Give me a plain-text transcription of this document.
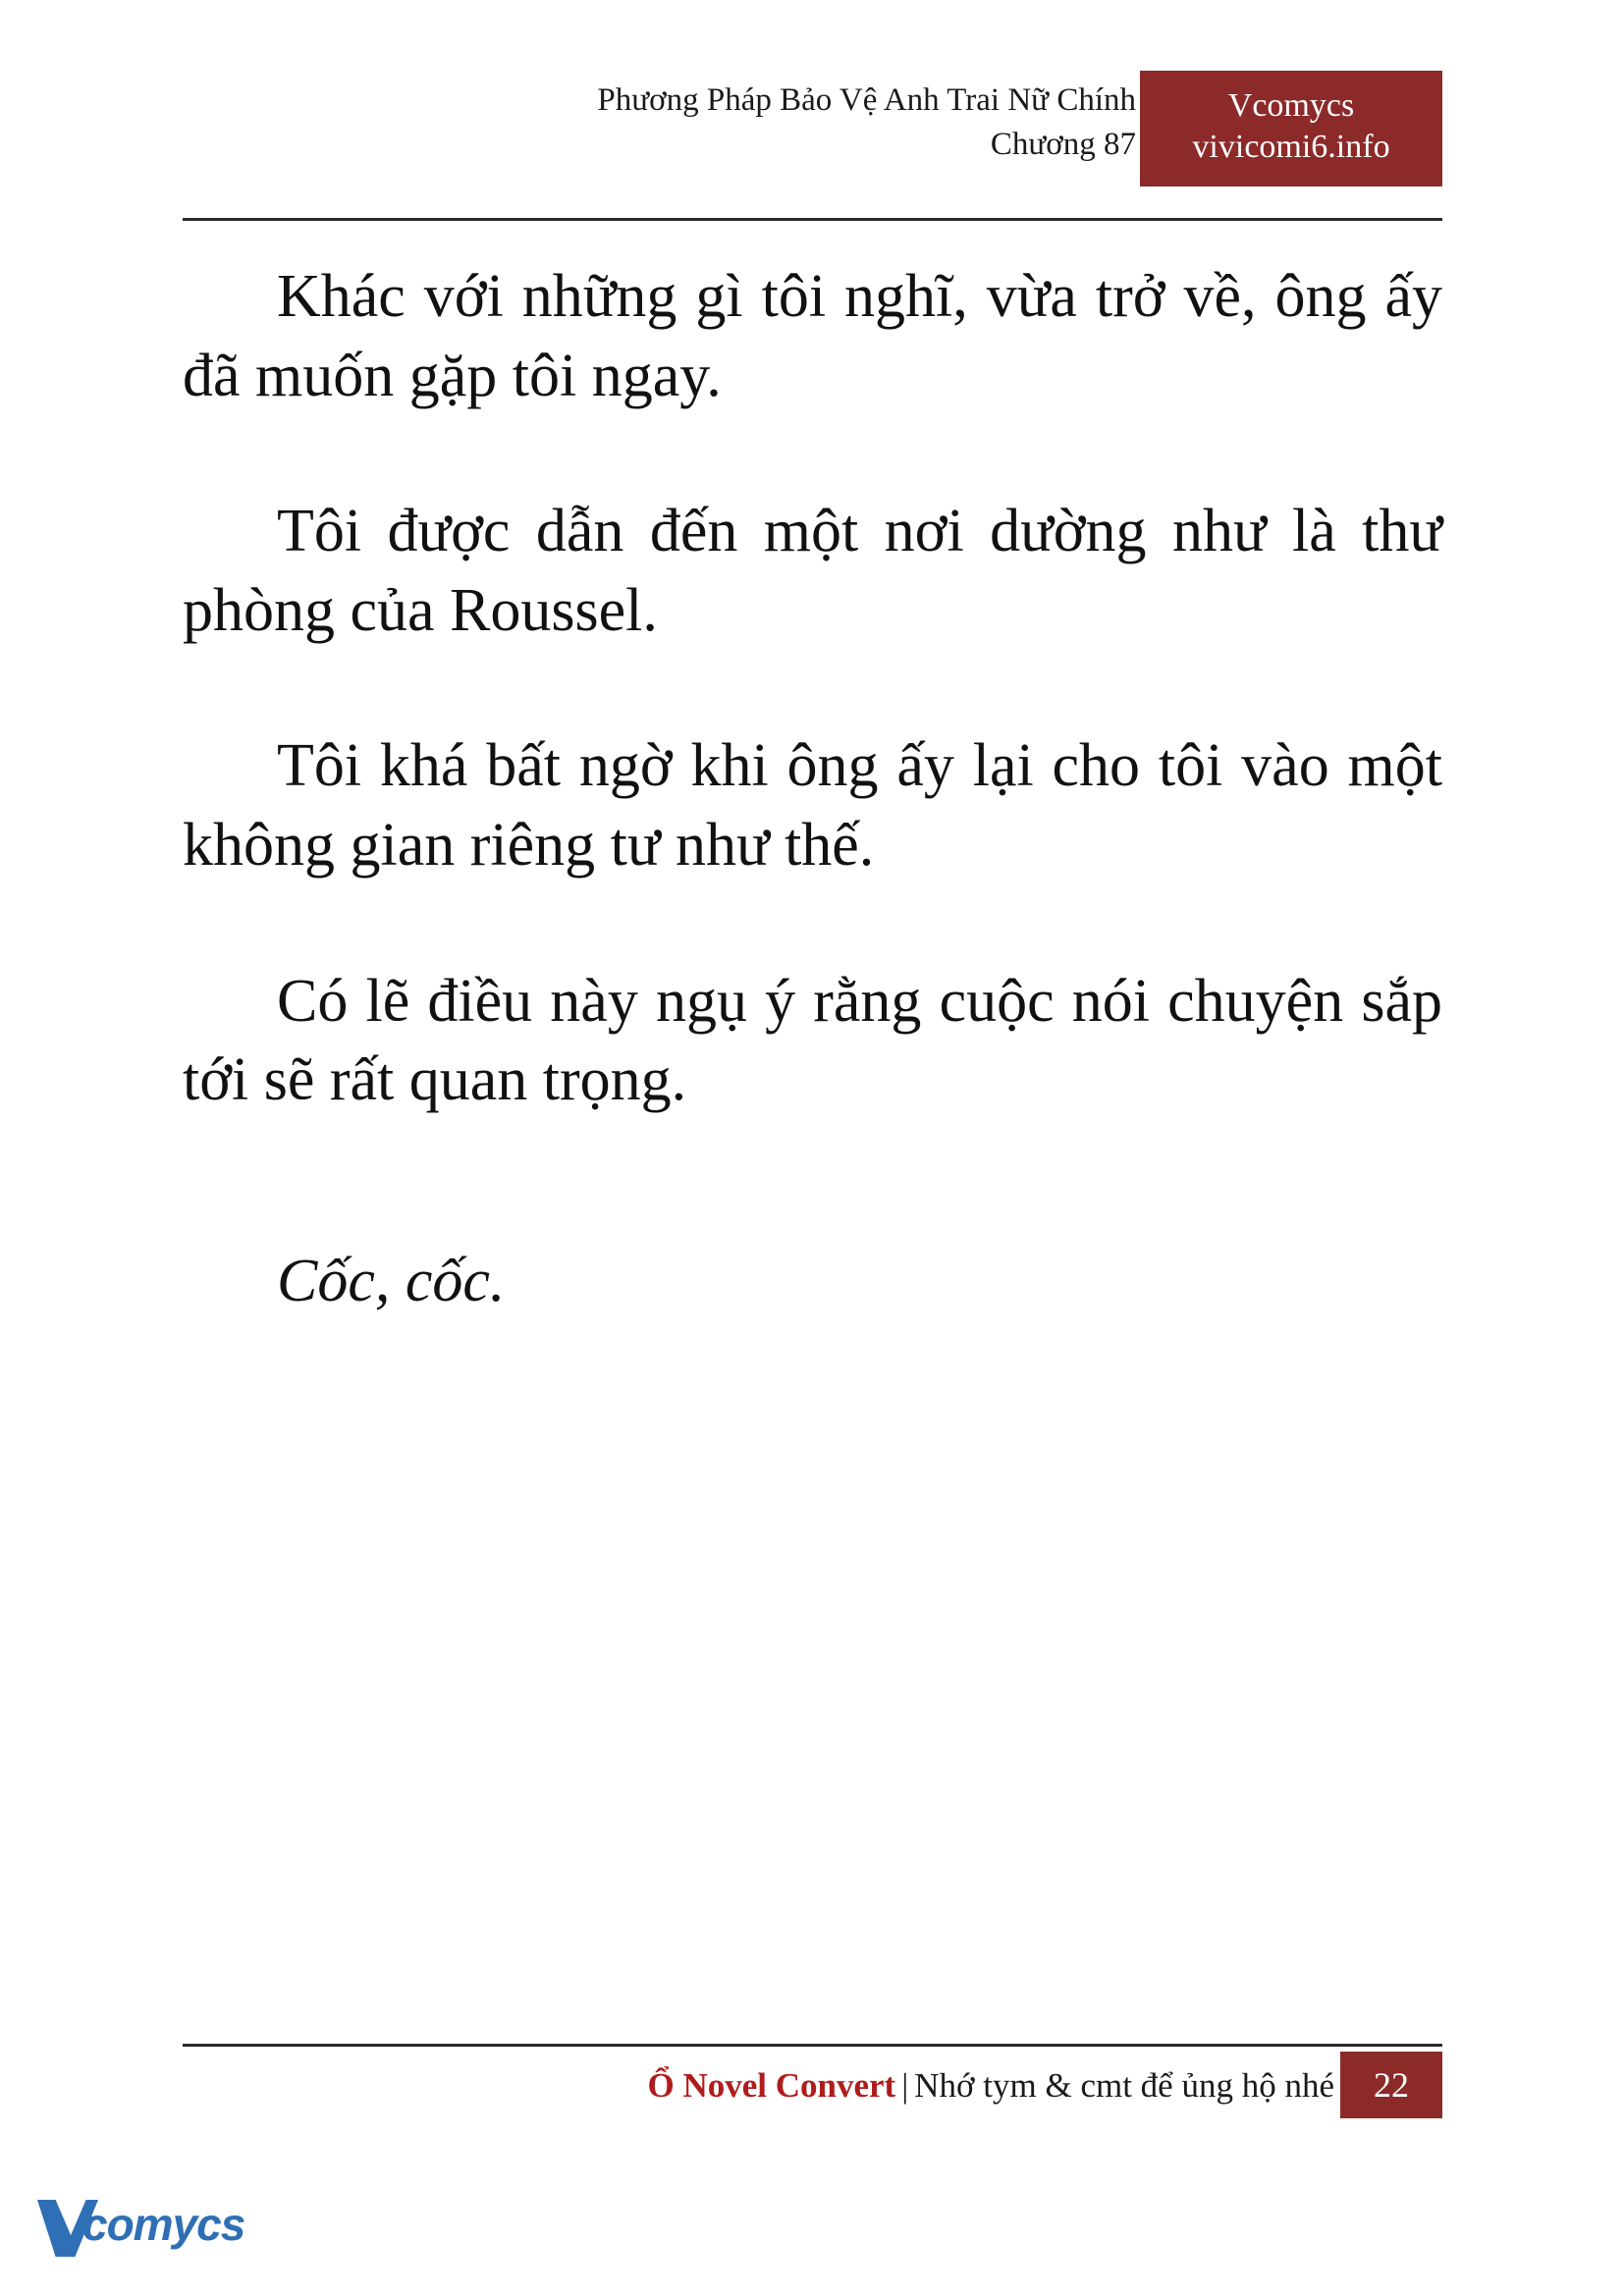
Phương Pháp Bảo Vệ Anh Trai Nữ Chính
Chương 87
Vcomycs
vivicomi6.info

Khác với những gì tôi nghĩ, vừa trở về, ông ấy đã muốn gặp tôi ngay.

Tôi được dẫn đến một nơi dường như là thư phòng của Roussel.

Tôi khá bất ngờ khi ông ấy lại cho tôi vào một không gian riêng tư như thế.

Có lẽ điều này ngụ ý rằng cuộc nói chuyện sắp tới sẽ rất quan trọng.

Cốc, cốc.

Ổ Novel Convert | Nhớ tym & cmt để ủng hộ nhé	22
comycs
